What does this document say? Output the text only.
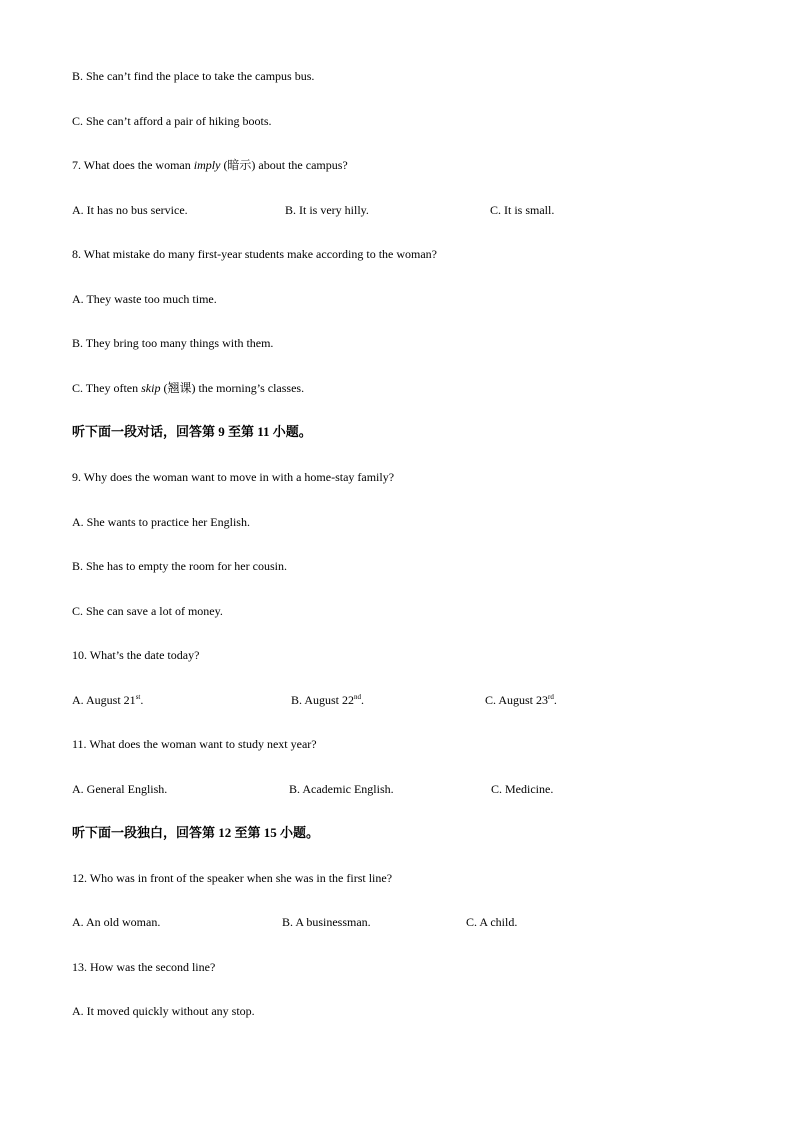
B. She can’t find the place to take the campus bus.

C. She can’t afford a pair of hiking boots.

7. What does the woman imply (暗示) about the campus?

A. It has no bus service.	B. It is very hilly.	C. It is small.

8. What mistake do many first-year students make according to the woman?

A. They waste too much time.

B. They bring too many things with them.

C. They often skip (翘课) the morning’s classes.

听下面一段对话，回答第 9 至第 11 小题。

9. Why does the woman want to move in with a home-stay family?

A. She wants to practice her English.

B. She has to empty the room for her cousin.

C. She can save a lot of money.

10. What’s the date today?

A. August 21st.	B. August 22nd.	C. August 23rd.

11. What does the woman want to study next year?

A. General English.	B. Academic English.	C. Medicine.

听下面一段独白，回答第 12 至第 15 小题。

12. Who was in front of the speaker when she was in the first line?

A. An old woman.	B. A businessman.	C. A child.

13. How was the second line?

A. It moved quickly without any stop.
